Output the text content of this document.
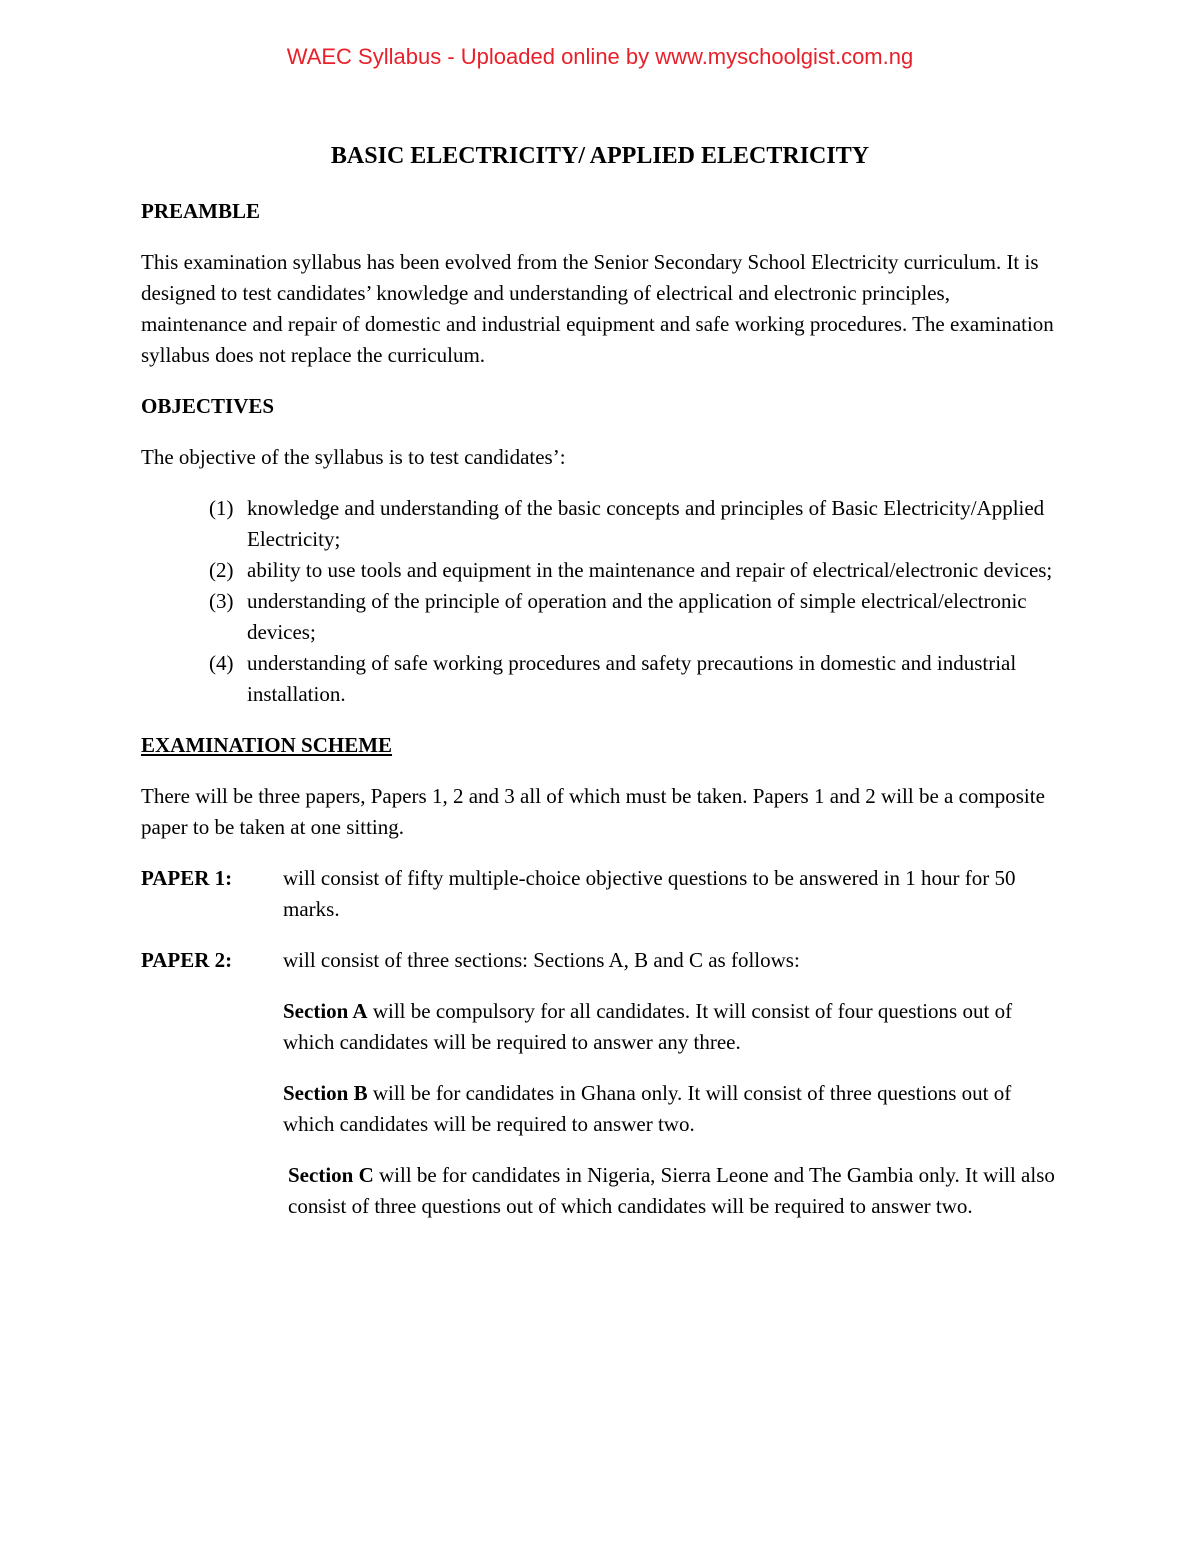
WAEC Syllabus - Uploaded online by www.myschoolgist.com.ng
BASIC ELECTRICITY/ APPLIED ELECTRICITY
PREAMBLE

This examination syllabus has been evolved from the Senior Secondary School Electricity curriculum. It is designed to test candidates’ knowledge and understanding of electrical and electronic principles, maintenance and repair of domestic and industrial equipment and safe working procedures. The examination syllabus does not replace the curriculum.

OBJECTIVES

The objective of the syllabus is to test candidates’:

(1) knowledge and understanding of the basic concepts and principles of Basic Electricity/Applied Electricity;
(2) ability to use tools and equipment in the maintenance and repair of electrical/electronic devices;
(3) understanding of the principle of operation and the application of simple electrical/electronic devices;
(4) understanding of safe working procedures and safety precautions in domestic and industrial installation.
EXAMINATION SCHEME

There will be three papers, Papers 1, 2 and 3 all of which must be taken. Papers 1 and 2 will be a composite paper to be taken at one sitting.

PAPER 1:	will consist of fifty multiple-choice objective questions to be answered in 1 hour for 50 marks.

PAPER 2:	will consist of three sections: Sections A, B and C as follows:

Section A will be compulsory for all candidates. It will consist of four questions out of which candidates will be required to answer any three.

Section B will be for candidates in Ghana only. It will consist of three questions out of which candidates will be required to answer two.

Section C will be for candidates in Nigeria, Sierra Leone and The Gambia only. It will also consist of three questions out of which candidates will be required to answer two.
